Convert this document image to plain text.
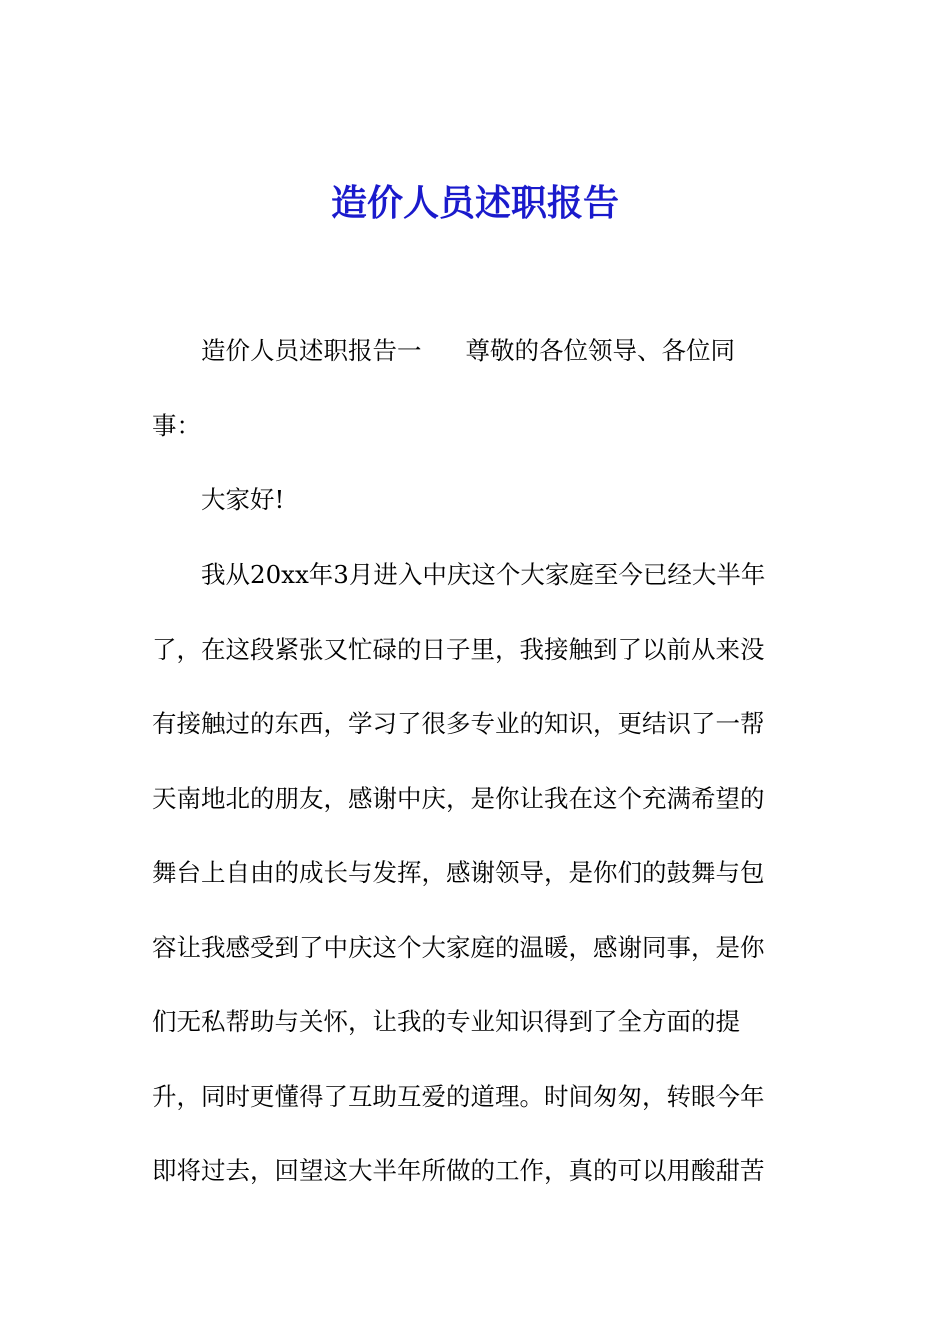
造价人员述职报告

造价人员述职报告一 尊敬的各位领导、各位同

事：

大家好!

我从20xx年3月进入中庆这个大家庭至今已经大半年

了，在这段紧张又忙碌的日子里，我接触到了以前从来没

有接触过的东西，学习了很多专业的知识，更结识了一帮

天南地北的朋友，感谢中庆，是你让我在这个充满希望的

舞台上自由的成长与发挥，感谢领导，是你们的鼓舞与包

容让我感受到了中庆这个大家庭的温暖，感谢同事，是你

们无私帮助与关怀，让我的专业知识得到了全方面的提

升，同时更懂得了互助互爱的道理。时间匆匆，转眼今年

即将过去，回望这大半年所做的工作，真的可以用酸甜苦
